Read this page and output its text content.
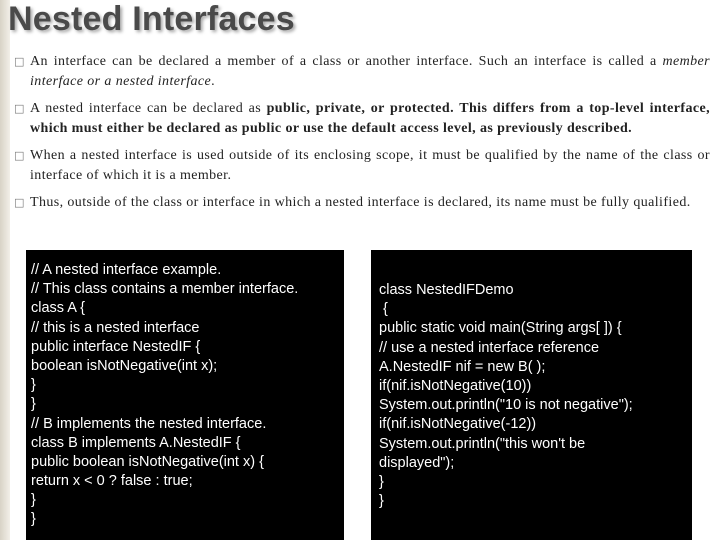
Nested Interfaces
□ An interface can be declared a member of a class or another interface. Such an interface is called a member interface or a nested interface.
□ A nested interface can be declared as public, private, or protected. This differs from a top-level interface, which must either be declared as public or use the default access level, as previously described.
□ When a nested interface is used outside of its enclosing scope, it must be qualified by the name of the class or interface of which it is a member.
□ Thus, outside of the class or interface in which a nested interface is declared, its name must be fully qualified.
// A nested interface example.
// This class contains a member interface.
class A {
// this is a nested interface
public interface NestedIF {
boolean isNotNegative(int x);
}
}
// B implements the nested interface.
class B implements A.NestedIF {
public boolean isNotNegative(int x) {
return x < 0 ? false : true;
}
}
class NestedIFDemo
{
public static void main(String args[ ]) {
// use a nested interface reference
A.NestedIF nif = new B( );
if(nif.isNotNegative(10))
System.out.println("10 is not negative");
if(nif.isNotNegative(-12))
System.out.println("this won't be
displayed");
}
}
